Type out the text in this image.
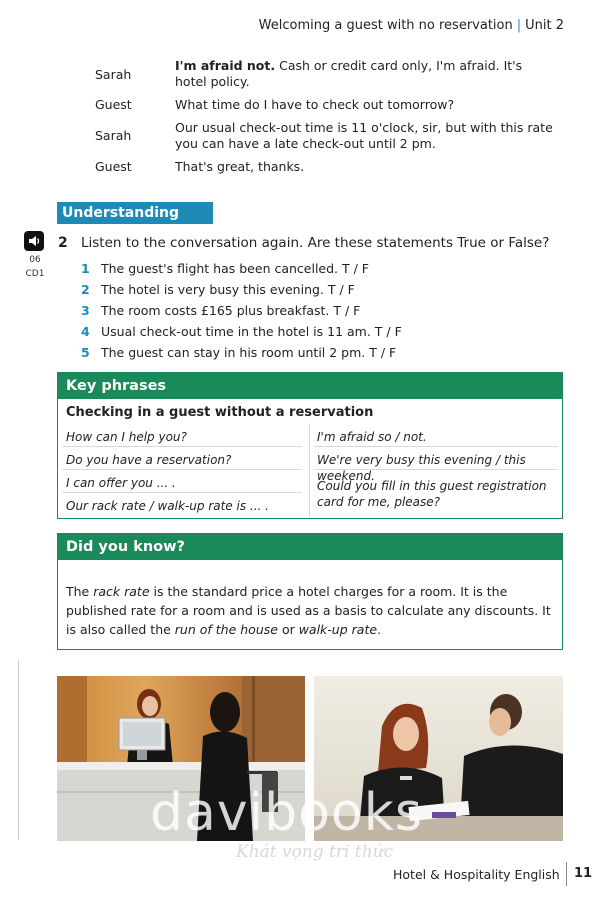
Welcoming a guest with no reservation | Unit 2
Sarah
I'm afraid not. Cash or credit card only, I'm afraid. It's hotel policy.
Guest	What time do I have to check out tomorrow?
Sarah
Our usual check-out time is 11 o'clock, sir, but with this rate you can have a late check-out until 2 pm.
Guest	That's great, thanks.
Understanding
06
CD1
2 Listen to the conversation again. Are these statements True or False?
1 The guest's flight has been cancelled. T / F
2 The hotel is very busy this evening. T / F
3 The room costs £165 plus breakfast. T / F
4 Usual check-out time in the hotel is 11 am. T / F
5 The guest can stay in his room until 2 pm. T / F
Key phrases
Checking in a guest without a reservation
How can I help you?
Do you have a reservation?
I can offer you ... .
Our rack rate / walk-up rate is ... .
I'm afraid so / not.
We're very busy this evening / this weekend.
Could you fill in this guest registration card for me, please?
Did you know?
The rack rate is the standard price a hotel charges for a room. It is the published rate for a room and is used as a basis to calculate any discounts. It is also called the run of the house or walk-up rate.
davibooks
Khát vọng tri thức
Hotel & Hospitality English 11
